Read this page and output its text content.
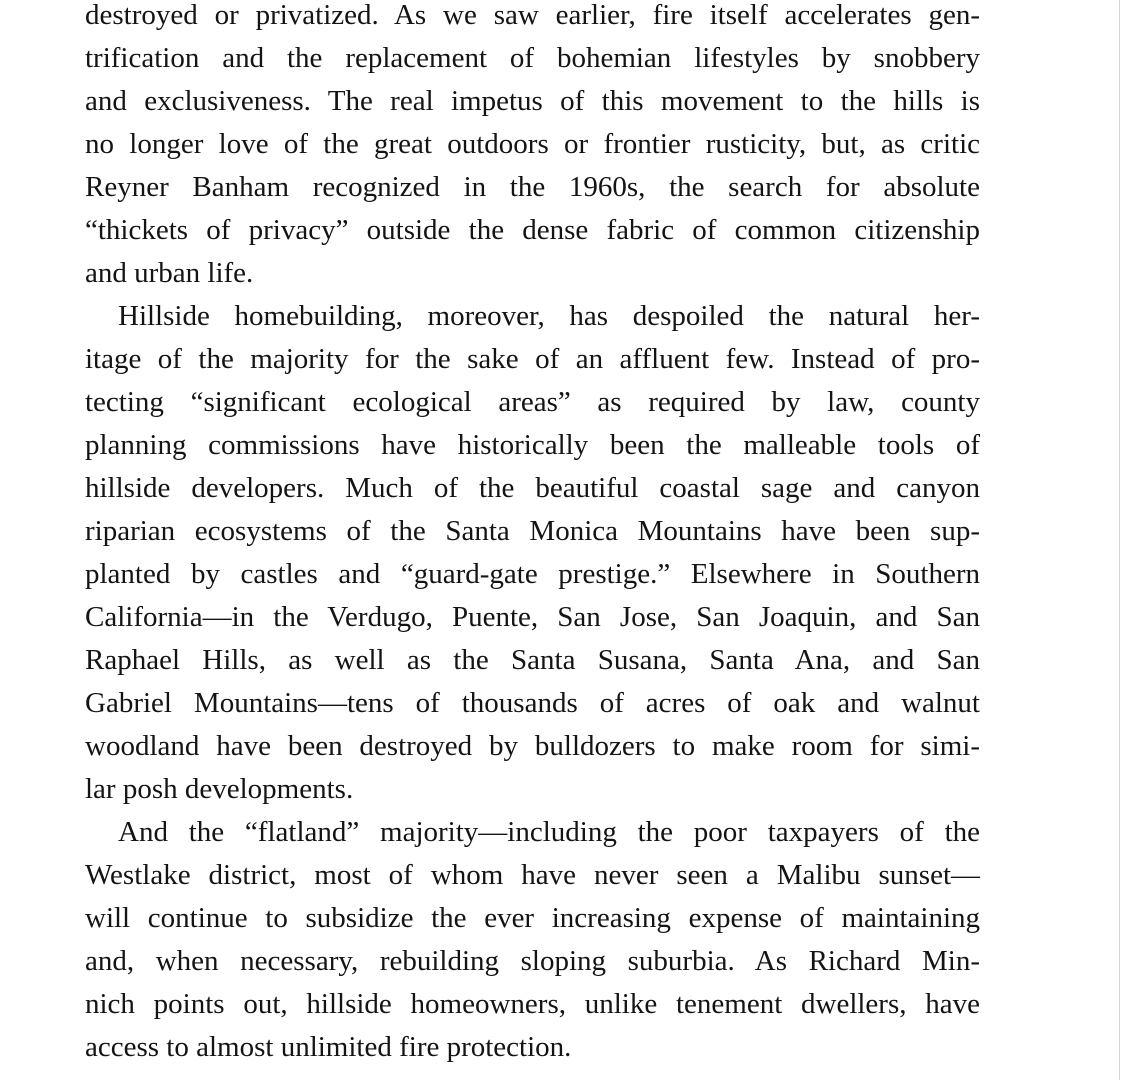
destroyed or privatized. As we saw earlier, fire itself accelerates gen-
trification and the replacement of bohemian lifestyles by snobbery
and exclusiveness. The real impetus of this movement to the hills is
no longer love of the great outdoors or frontier rusticity, but, as critic
Reyner Banham recognized in the 1960s, the search for absolute
“thickets of privacy” outside the dense fabric of common citizenship
and urban life.
Hillside homebuilding, moreover, has despoiled the natural her-
itage of the majority for the sake of an affluent few. Instead of pro-
tecting “significant ecological areas” as required by law, county
planning commissions have historically been the malleable tools of
hillside developers. Much of the beautiful coastal sage and canyon
riparian ecosystems of the Santa Monica Mountains have been sup-
planted by castles and “guard-gate prestige.” Elsewhere in Southern
California—in the Verdugo, Puente, San Jose, San Joaquin, and San
Raphael Hills, as well as the Santa Susana, Santa Ana, and San
Gabriel Mountains—tens of thousands of acres of oak and walnut
woodland have been destroyed by bulldozers to make room for simi-
lar posh developments.
And the “flatland” majority—including the poor taxpayers of the
Westlake district, most of whom have never seen a Malibu sunset—
will continue to subsidize the ever increasing expense of maintaining
and, when necessary, rebuilding sloping suburbia. As Richard Min-
nich points out, hillside homeowners, unlike tenement dwellers, have
access to almost unlimited fire protection.
